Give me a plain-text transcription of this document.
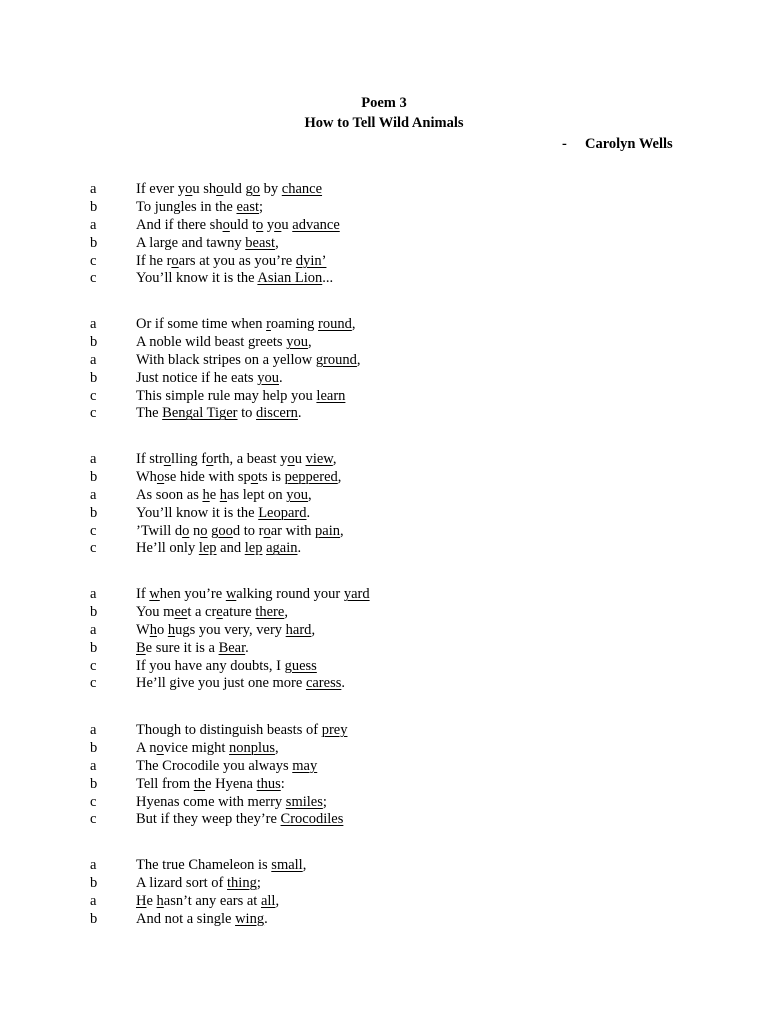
Poem 3
How to Tell Wild Animals
- Carolyn Wells
a	If ever you should go by chance
b	To jungles in the east;
a	And if there should to you advance
b	A large and tawny beast,
c	If he roars at you as you’re dyin’
c	You’ll know it is the Asian Lion...
a	Or if some time when roaming round,
b	A noble wild beast greets you,
a	With black stripes on a yellow ground,
b	Just notice if he eats you.
c	This simple rule may help you learn
c	The Bengal Tiger to discern.
a	If strolling forth, a beast you view,
b	Whose hide with spots is peppered,
a	As soon as he has lept on you,
b	You’ll know it is the Leopard.
c	’Twill do no good to roar with pain,
c	He’ll only lep and lep again.
a	If when you’re walking round your yard
b	You meet a creature there,
a	Who hugs you very, very hard,
b	Be sure it is a Bear.
c	If you have any doubts, I guess
c	He’ll give you just one more caress.
a	Though to distinguish beasts of prey
b	A novice might nonplus,
a	The Crocodile you always may
b	Tell from the Hyena thus:
c	Hyenas come with merry smiles;
c	But if they weep they’re Crocodiles
a	The true Chameleon is small,
b	A lizard sort of thing;
a	He hasn’t any ears at all,
b	And not a single wing.
